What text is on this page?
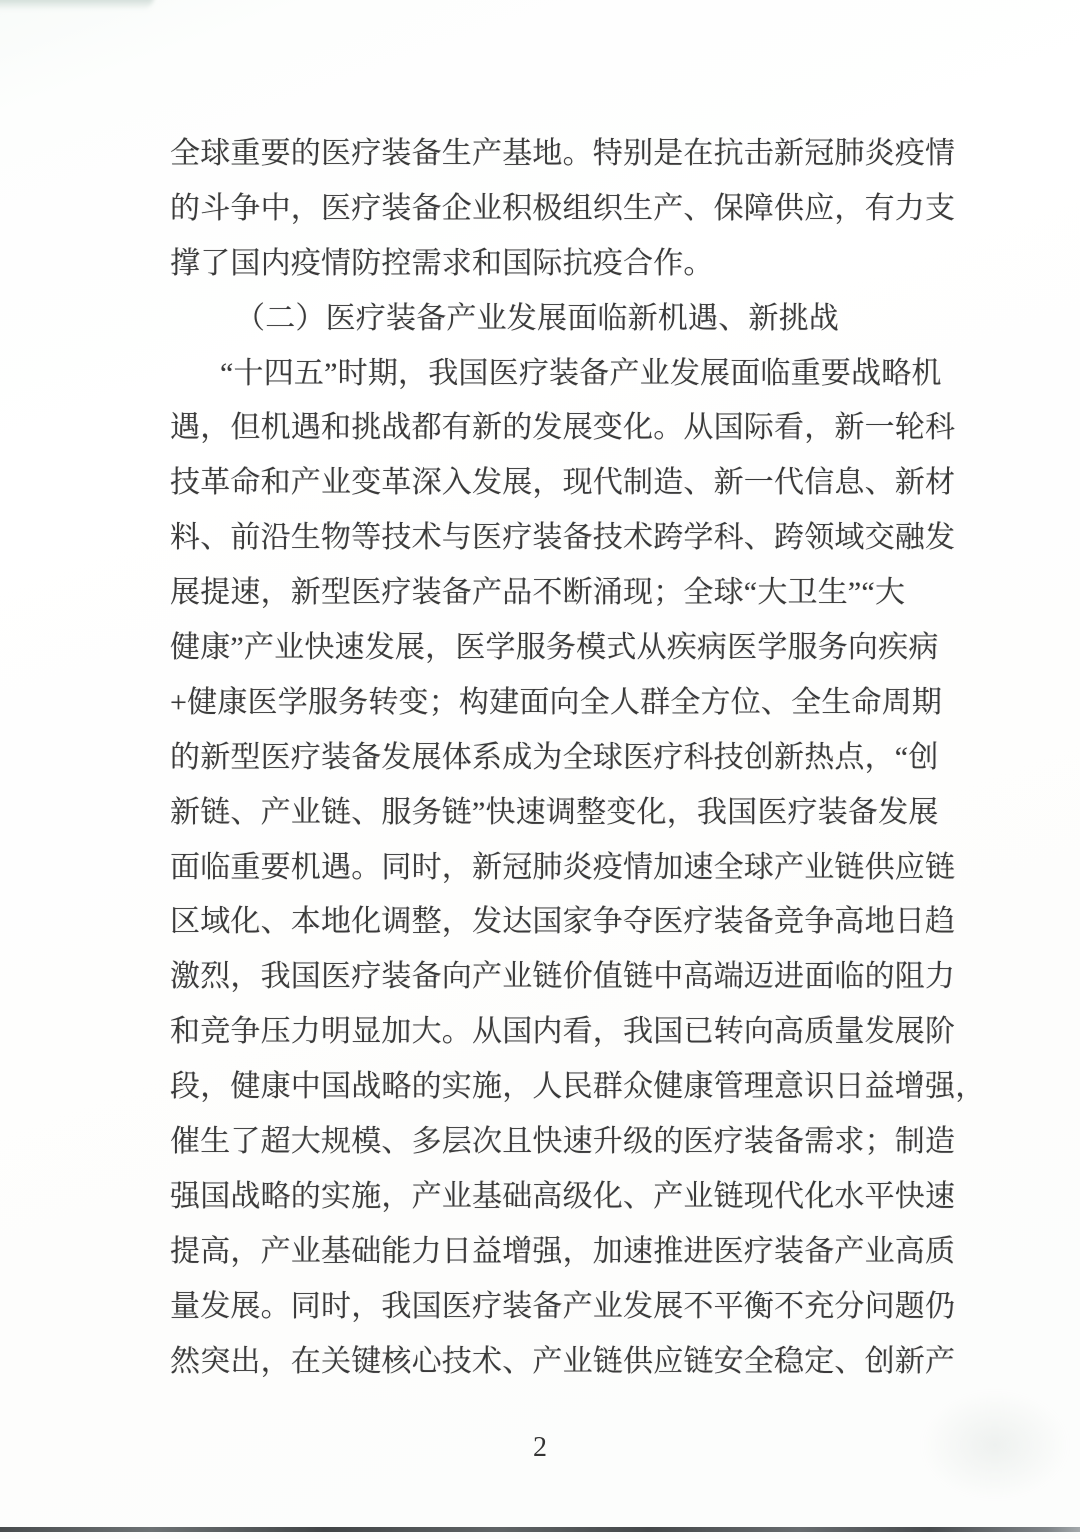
全球重要的医疗装备生产基地。特别是在抗击新冠肺炎疫情
的斗争中，医疗装备企业积极组织生产、保障供应，有力支
撑了国内疫情防控需求和国际抗疫合作。
（二）医疗装备产业发展面临新机遇、新挑战
“十四五”时期，我国医疗装备产业发展面临重要战略机
遇，但机遇和挑战都有新的发展变化。从国际看，新一轮科
技革命和产业变革深入发展，现代制造、新一代信息、新材
料、前沿生物等技术与医疗装备技术跨学科、跨领域交融发
展提速，新型医疗装备产品不断涌现；全球“大卫生”“大
健康”产业快速发展，医学服务模式从疾病医学服务向疾病
+健康医学服务转变；构建面向全人群全方位、全生命周期
的新型医疗装备发展体系成为全球医疗科技创新热点，“创
新链、产业链、服务链”快速调整变化，我国医疗装备发展
面临重要机遇。同时，新冠肺炎疫情加速全球产业链供应链
区域化、本地化调整，发达国家争夺医疗装备竞争高地日趋
激烈，我国医疗装备向产业链价值链中高端迈进面临的阻力
和竞争压力明显加大。从国内看，我国已转向高质量发展阶
段，健康中国战略的实施，人民群众健康管理意识日益增强，
催生了超大规模、多层次且快速升级的医疗装备需求；制造
强国战略的实施，产业基础高级化、产业链现代化水平快速
提高，产业基础能力日益增强，加速推进医疗装备产业高质
量发展。同时，我国医疗装备产业发展不平衡不充分问题仍
然突出，在关键核心技术、产业链供应链安全稳定、创新产
2
